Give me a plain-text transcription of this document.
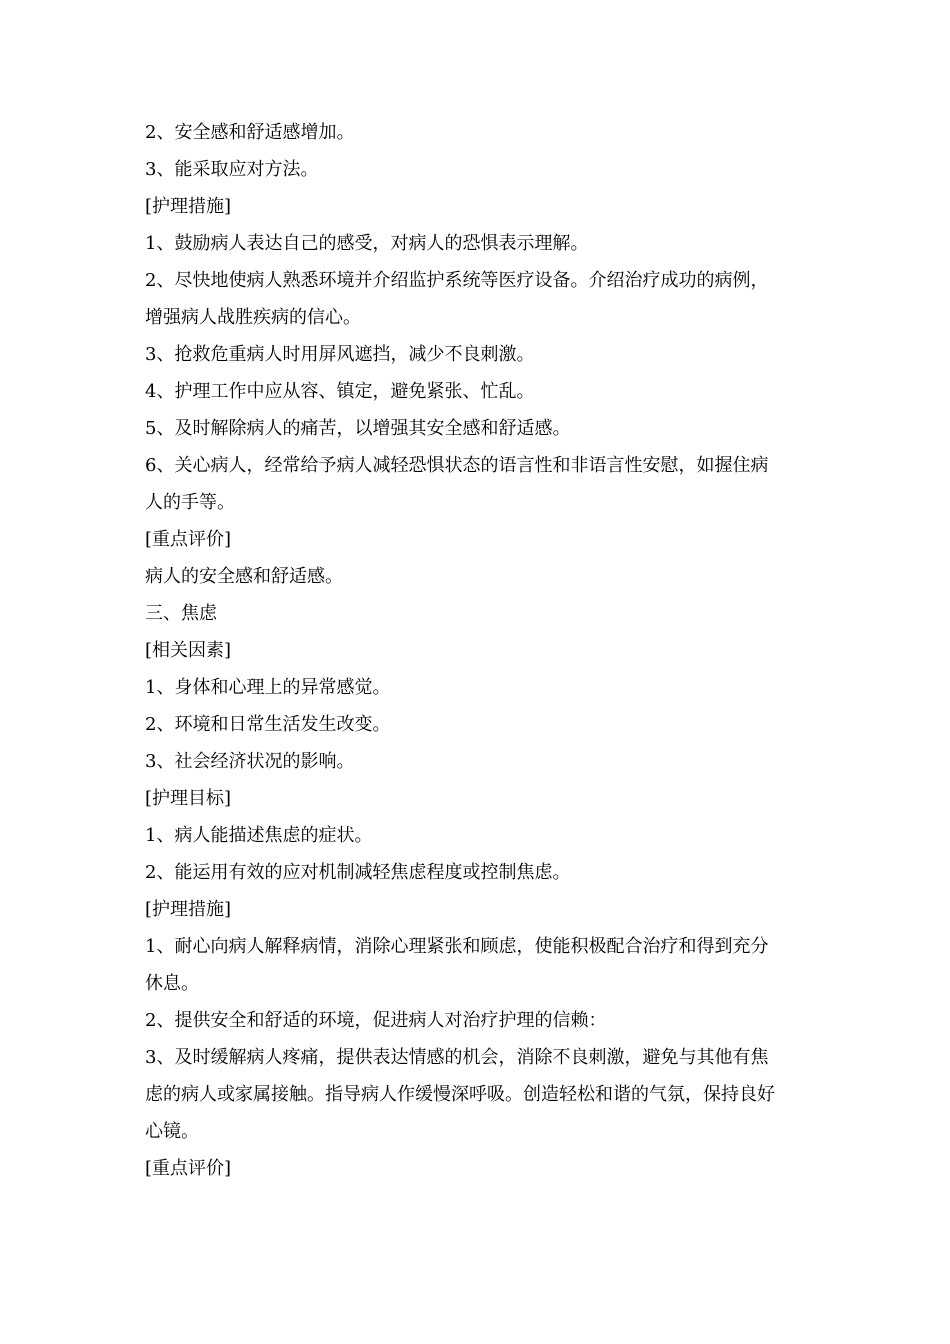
2、安全感和舒适感增加。

3、能采取应对方法。

[护理措施]

1、鼓励病人表达自己的感受，对病人的恐惧表示理解。

2、尽快地使病人熟悉环境并介绍监护系统等医疗设备。介绍治疗成功的病例，

增强病人战胜疾病的信心。

3、抢救危重病人时用屏风遮挡，减少不良刺激。

4、护理工作中应从容、镇定，避免紧张、忙乱。

5、及时解除病人的痛苦，以增强其安全感和舒适感。

6、关心病人，经常给予病人减轻恐惧状态的语言性和非语言性安慰，如握住病

人的手等。

[重点评价]

病人的安全感和舒适感。

三、焦虑

[相关因素]

1、身体和心理上的异常感觉。

2、环境和日常生活发生改变。

3、社会经济状况的影响。

[护理目标]

1、病人能描述焦虑的症状。

2、能运用有效的应对机制减轻焦虑程度或控制焦虑。

[护理措施]

1、耐心向病人解释病情，消除心理紧张和顾虑，使能积极配合治疗和得到充分

休息。

2、提供安全和舒适的环境，促进病人对治疗护理的信赖：

3、及时缓解病人疼痛，提供表达情感的机会，消除不良刺激，避免与其他有焦

虑的病人或家属接触。指导病人作缓慢深呼吸。创造轻松和谐的气氛，保持良好

心镜。

[重点评价]
